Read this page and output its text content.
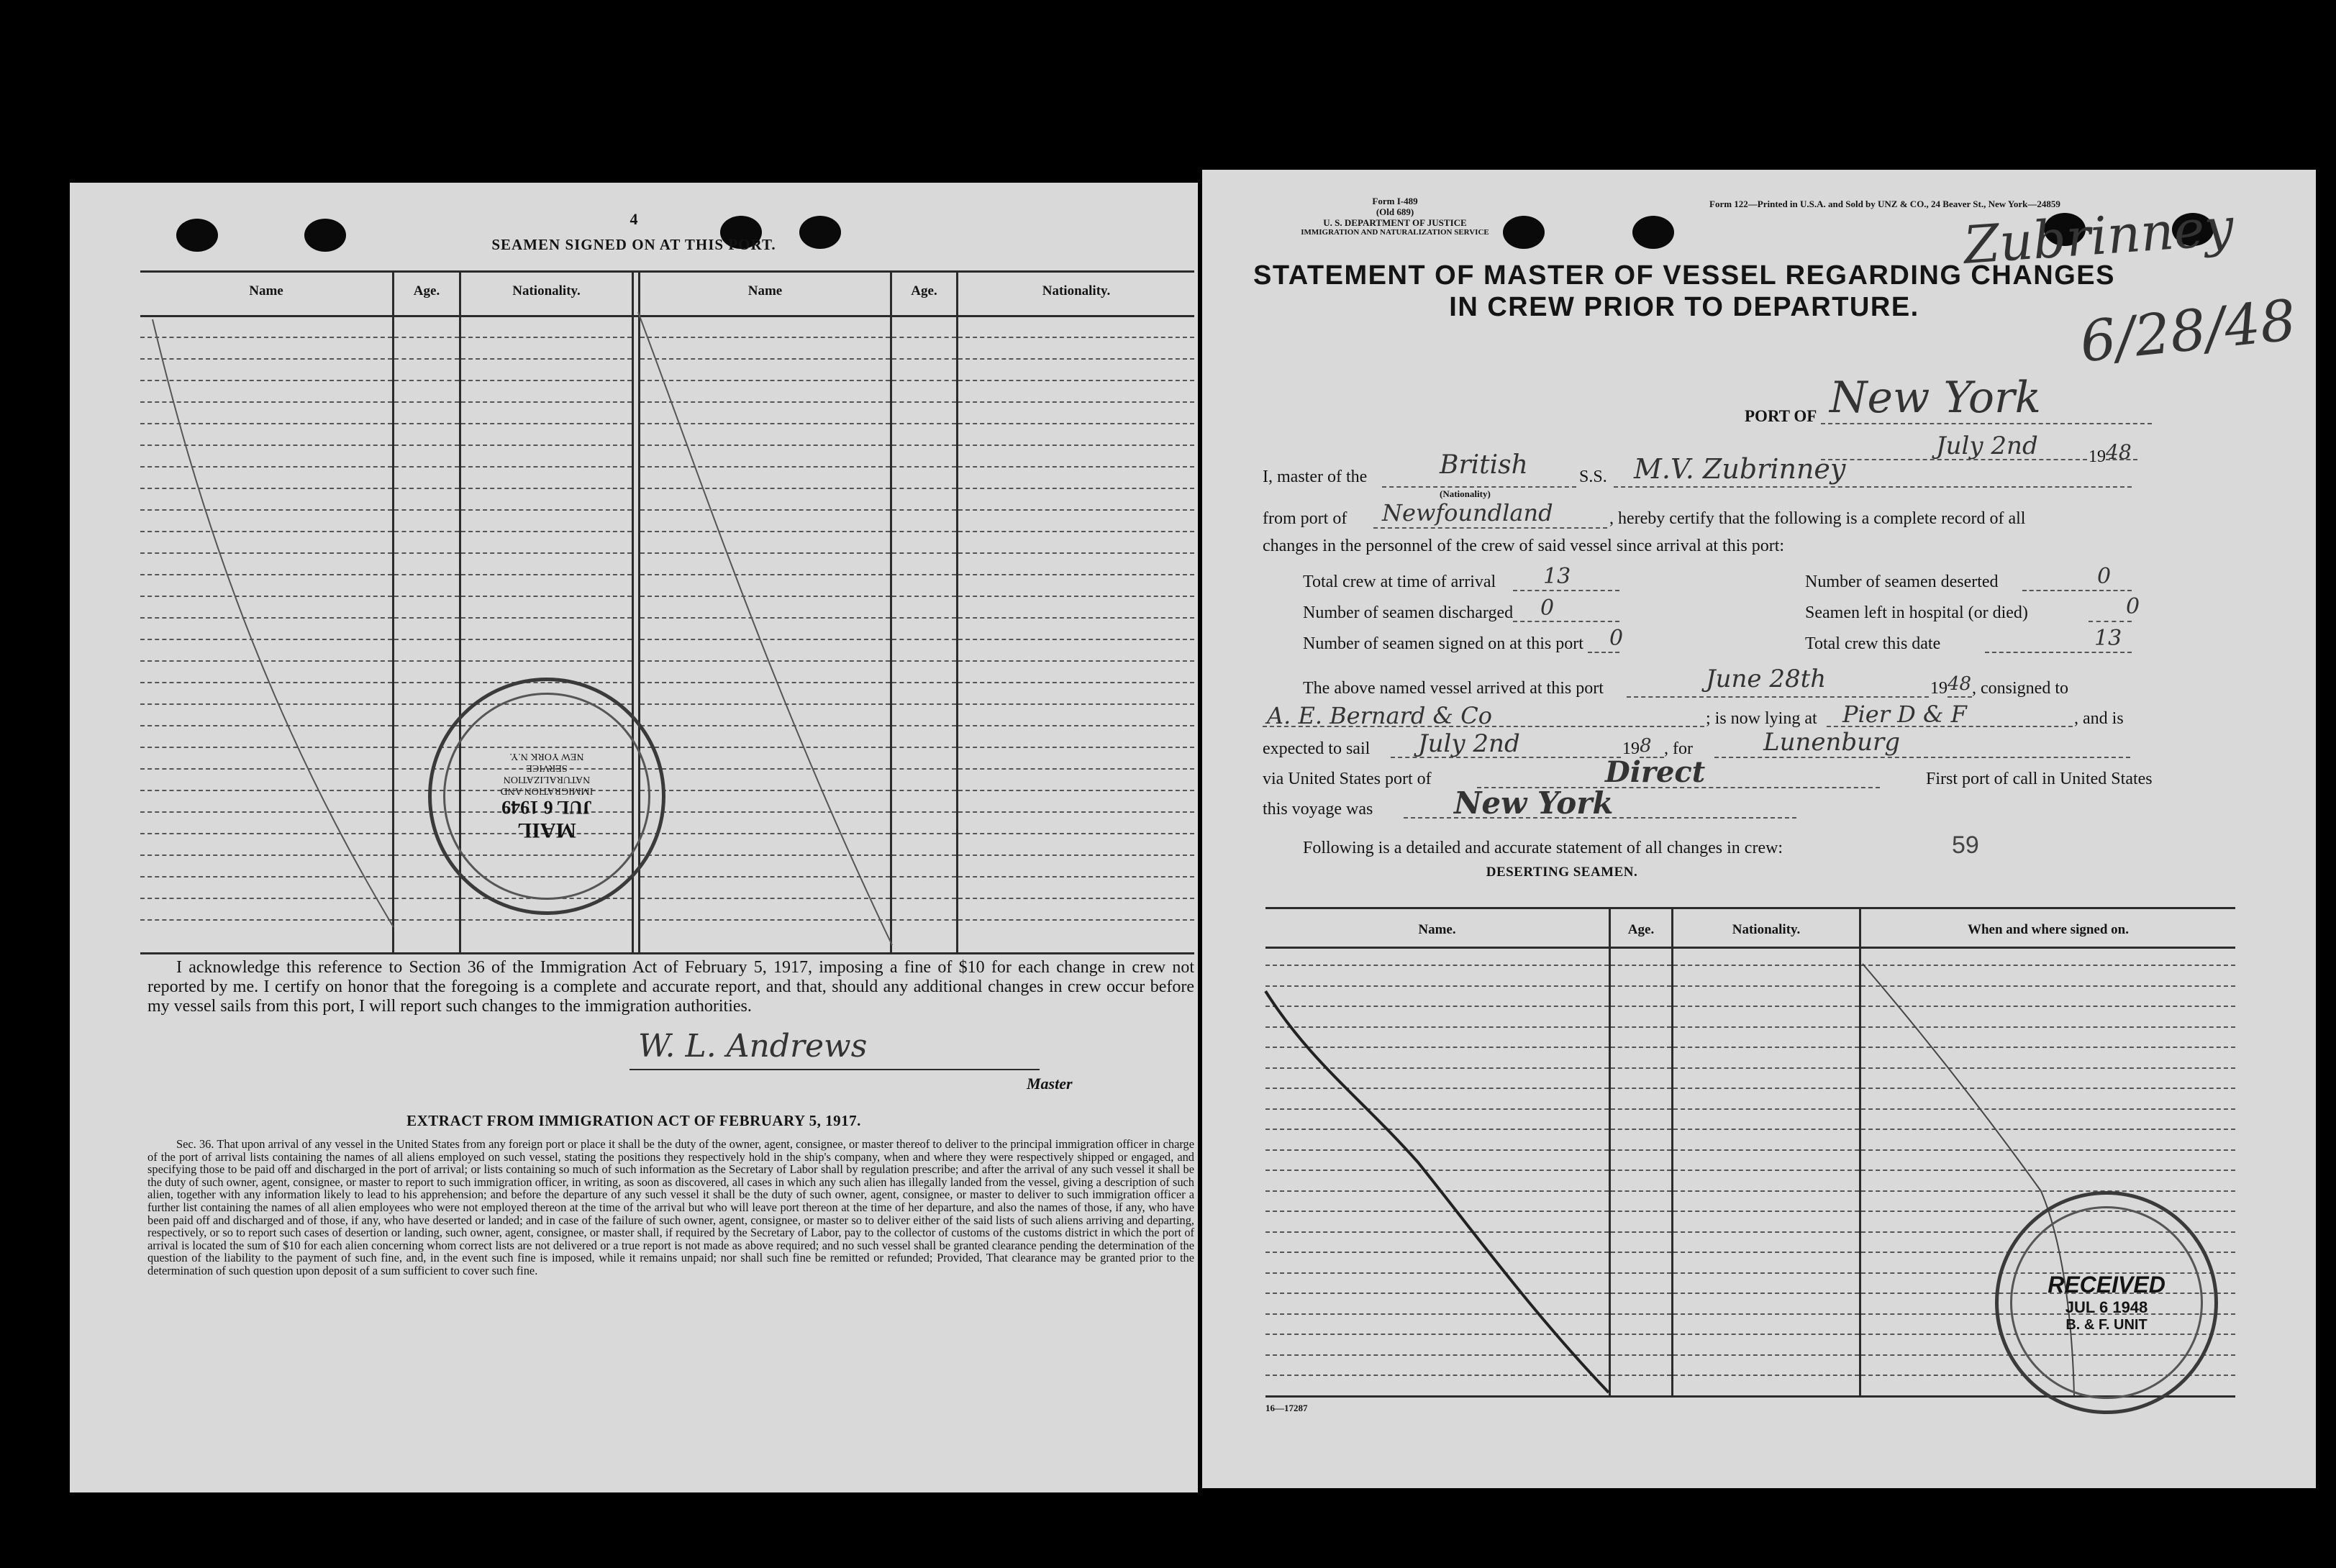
4
SEAMEN SIGNED ON AT THIS PORT.
Name	Age.	Nationality.	Name	Age.	Nationality.
MAIL
JUL 6 1949
IMMIGRATION AND NATURALIZATION SERVICE
NEW YORK N.Y.
I acknowledge this reference to Section 36 of the Immigration Act of February 5, 1917, imposing a fine of $10 for each change in crew not reported by me. I certify on honor that the foregoing is a complete and accurate report, and that, should any additional changes in crew occur before my vessel sails from this port, I will report such changes to the immigration authorities.
W. L. Andrews
Master
EXTRACT FROM IMMIGRATION ACT OF FEBRUARY 5, 1917.
Sec. 36. That upon arrival of any vessel in the United States from any foreign port or place it shall be the duty of the owner, agent, consignee, or master thereof to deliver to the principal immigration officer in charge of the port of arrival lists containing the names of all aliens employed on such vessel, stating the positions they respectively hold in the ship's company, when and where they were respectively shipped or engaged, and specifying those to be paid off and discharged in the port of arrival; or lists containing so much of such information as the Secretary of Labor shall by regulation prescribe; and after the arrival of any such vessel it shall be the duty of such owner, agent, consignee, or master to report to such immigration officer, in writing, as soon as discovered, all cases in which any such alien has illegally landed from the vessel, giving a description of such alien, together with any information likely to lead to his apprehension; and before the departure of any such vessel it shall be the duty of such owner, agent, consignee, or master to deliver to such immigration officer a further list containing the names of all alien employees who were not employed thereon at the time of the arrival but who will leave port thereon at the time of her departure, and also the names of those, if any, who have been paid off and discharged and of those, if any, who have deserted or landed; and in case of the failure of such owner, agent, consignee, or master so to deliver either of the said lists of such aliens arriving and departing, respectively, or so to report such cases of desertion or landing, such owner, agent, consignee, or master shall, if required by the Secretary of Labor, pay to the collector of customs of the customs district in which the port of arrival is located the sum of $10 for each alien concerning whom correct lists are not delivered or a true report is not made as above required; and no such vessel shall be granted clearance pending the determination of the question of the liability to the payment of such fine, and, in the event such fine is imposed, while it remains unpaid; nor shall such fine be remitted or refunded; Provided, That clearance may be granted prior to the determination of such question upon deposit of a sum sufficient to cover such fine.
Form I-489
(Old 689)
U. S. DEPARTMENT OF JUSTICE
IMMIGRATION AND NATURALIZATION SERVICE
Form 122—Printed in U.S.A. and Sold by UNZ & CO., 24 Beaver St., New York—24859
Zubrinney
6/28/48
STATEMENT OF MASTER OF VESSEL REGARDING CHANGES
IN CREW PRIOR TO DEPARTURE.
PORT OF New York
July 2nd	19 48
I, master of the	British
(Nationality)
S.S. M.V. Zubrinney
from port of Newfoundland	, hereby certify that the following is a complete record of all
changes in the personnel of the crew of said vessel since arrival at this port:
Total crew at time of arrival 13	Number of seamen deserted	0
Number of seamen discharged 0	Seamen left in hospital (or died)	0
Number of seamen signed on at this port 0	Total crew this date	13
The above named vessel arrived at this port	June 28th	19 48 , consigned to
A. E. Bernard & Co	; is now lying at Pier D & F	, and is
expected to sail July 2nd	19 8 , for	Lunenburg
via United States port of	Direct	First port of call in United States
this voyage was	New York
Following is a detailed and accurate statement of all changes in crew:	59
DESERTING SEAMEN.
Name.	Age.	Nationality.	When and where signed on.
RECEIVED
JUL 6 1948
B. & F. UNIT
16—17287
